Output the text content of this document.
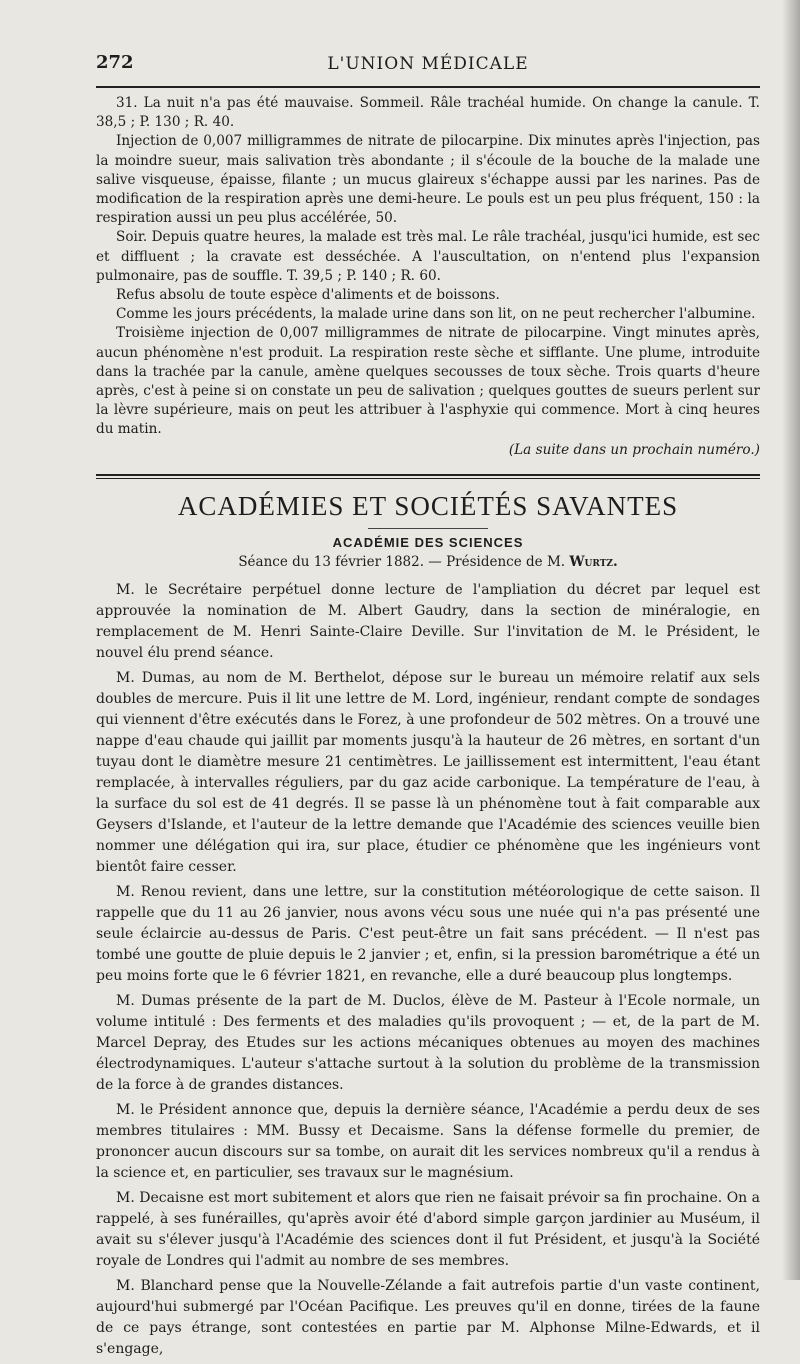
272	L'UNION MÉDICALE

31. La nuit n'a pas été mauvaise. Sommeil. Râle trachéal humide. On change la canule. T. 38,5 ; P. 130 ; R. 40.

Injection de 0,007 milligrammes de nitrate de pilocarpine. Dix minutes après l'injection, pas la moindre sueur, mais salivation très abondante ; il s'écoule de la bouche de la malade une salive visqueuse, épaisse, filante ; un mucus glaireux s'échappe aussi par les narines. Pas de modification de la respiration après une demi-heure. Le pouls est un peu plus fréquent, 150 : la respiration aussi un peu plus accélérée, 50.

Soir. Depuis quatre heures, la malade est très mal. Le râle trachéal, jusqu'ici humide, est sec et diffluent ; la cravate est desséchée. A l'auscultation, on n'entend plus l'expansion pulmonaire, pas de souffle. T. 39,5 ; P. 140 ; R. 60.

Refus absolu de toute espèce d'aliments et de boissons.

Comme les jours précédents, la malade urine dans son lit, on ne peut rechercher l'albumine.

Troisième injection de 0,007 milligrammes de nitrate de pilocarpine. Vingt minutes après, aucun phénomène n'est produit. La respiration reste sèche et sifflante. Une plume, introduite dans la trachée par la canule, amène quelques secousses de toux sèche. Trois quarts d'heure après, c'est à peine si on constate un peu de salivation ; quelques gouttes de sueurs perlent sur la lèvre supérieure, mais on peut les attribuer à l'asphyxie qui commence. Mort à cinq heures du matin.

(La suite dans un prochain numéro.)
ACADÉMIES ET SOCIÉTÉS SAVANTES
ACADÉMIE DES SCIENCES
Séance du 13 février 1882. — Présidence de M. Wurtz.

M. le Secrétaire perpétuel donne lecture de l'ampliation du décret par lequel est approuvée la nomination de M. Albert Gaudry, dans la section de minéralogie, en remplacement de M. Henri Sainte-Claire Deville. Sur l'invitation de M. le Président, le nouvel élu prend séance.

M. Dumas, au nom de M. Berthelot, dépose sur le bureau un mémoire relatif aux sels doubles de mercure. Puis il lit une lettre de M. Lord, ingénieur, rendant compte de sondages qui viennent d'être exécutés dans le Forez, à une profondeur de 502 mètres. On a trouvé une nappe d'eau chaude qui jaillit par moments jusqu'à la hauteur de 26 mètres, en sortant d'un tuyau dont le diamètre mesure 21 centimètres. Le jaillissement est intermittent, l'eau étant remplacée, à intervalles réguliers, par du gaz acide carbonique. La température de l'eau, à la surface du sol est de 41 degrés. Il se passe là un phénomène tout à fait comparable aux Geysers d'Islande, et l'auteur de la lettre demande que l'Académie des sciences veuille bien nommer une délégation qui ira, sur place, étudier ce phénomène que les ingénieurs vont bientôt faire cesser.

M. Renou revient, dans une lettre, sur la constitution météorologique de cette saison. Il rappelle que du 11 au 26 janvier, nous avons vécu sous une nuée qui n'a pas présenté une seule éclaircie au-dessus de Paris. C'est peut-être un fait sans précédent. — Il n'est pas tombé une goutte de pluie depuis le 2 janvier ; et, enfin, si la pression barométrique a été un peu moins forte que le 6 février 1821, en revanche, elle a duré beaucoup plus longtemps.

M. Dumas présente de la part de M. Duclos, élève de M. Pasteur à l'Ecole normale, un volume intitulé : Des ferments et des maladies qu'ils provoquent ; — et, de la part de M. Marcel Depray, des Etudes sur les actions mécaniques obtenues au moyen des machines électrodynamiques. L'auteur s'attache surtout à la solution du problème de la transmission de la force à de grandes distances.

M. le Président annonce que, depuis la dernière séance, l'Académie a perdu deux de ses membres titulaires : MM. Bussy et Decaisme. Sans la défense formelle du premier, de prononcer aucun discours sur sa tombe, on aurait dit les services nombreux qu'il a rendus à la science et, en particulier, ses travaux sur le magnésium.

M. Decaisne est mort subitement et alors que rien ne faisait prévoir sa fin prochaine. On a rappelé, à ses funérailles, qu'après avoir été d'abord simple garçon jardinier au Muséum, il avait su s'élever jusqu'à l'Académie des sciences dont il fut Président, et jusqu'à la Société royale de Londres qui l'admit au nombre de ses membres.

M. Blanchard pense que la Nouvelle-Zélande a fait autrefois partie d'un vaste continent, aujourd'hui submergé par l'Océan Pacifique. Les preuves qu'il en donne, tirées de la faune de ce pays étrange, sont contestées en partie par M. Alphonse Milne-Edwards, et il s'engage,
